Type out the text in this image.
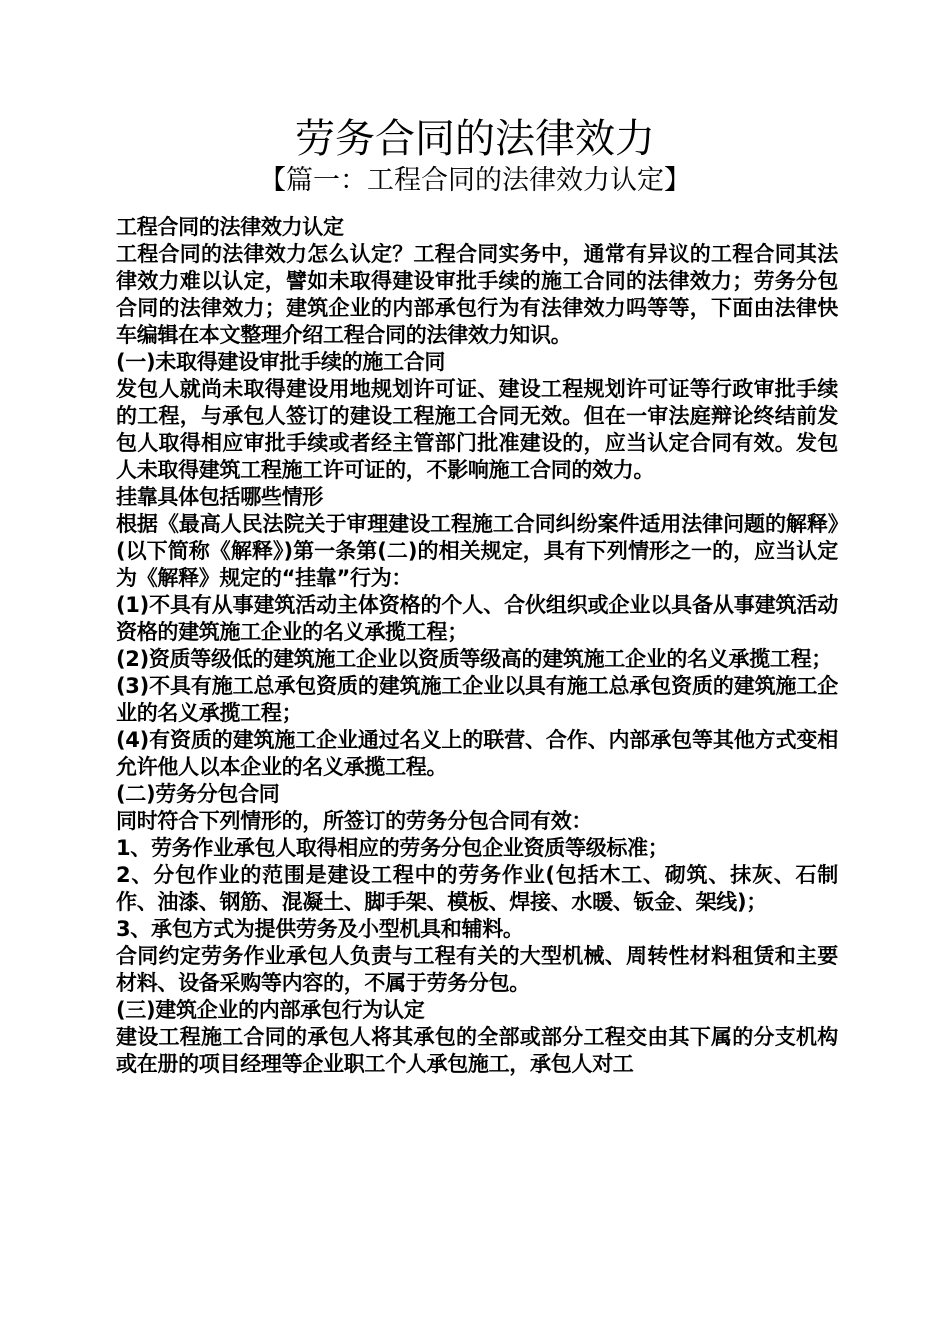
劳务合同的法律效力
【篇一：工程合同的法律效力认定】

工程合同的法律效力认定

工程合同的法律效力怎么认定？工程合同实务中，通常有异议的工程合同其法律效力难以认定，譬如未取得建设审批手续的施工合同的法律效力；劳务分包合同的法律效力；建筑企业的内部承包行为有法律效力吗等等，下面由法律快车编辑在本文整理介绍工程合同的法律效力知识。

(一)未取得建设审批手续的施工合同

发包人就尚未取得建设用地规划许可证、建设工程规划许可证等行政审批手续的工程，与承包人签订的建设工程施工合同无效。但在一审法庭辩论终结前发包人取得相应审批手续或者经主管部门批准建设的，应当认定合同有效。发包人未取得建筑工程施工许可证的，不影响施工合同的效力。

挂靠具体包括哪些情形

根据《最高人民法院关于审理建设工程施工合同纠纷案件适用法律问题的解释》(以下简称《解释》)第一条第(二)的相关规定，具有下列情形之一的，应当认定为《解释》规定的“挂靠”行为：

(1)不具有从事建筑活动主体资格的个人、合伙组织或企业以具备从事建筑活动资格的建筑施工企业的名义承揽工程；

(2)资质等级低的建筑施工企业以资质等级高的建筑施工企业的名义承揽工程；

(3)不具有施工总承包资质的建筑施工企业以具有施工总承包资质的建筑施工企业的名义承揽工程；

(4)有资质的建筑施工企业通过名义上的联营、合作、内部承包等其他方式变相允许他人以本企业的名义承揽工程。

(二)劳务分包合同

同时符合下列情形的，所签订的劳务分包合同有效：

1、劳务作业承包人取得相应的劳务分包企业资质等级标准；

2、分包作业的范围是建设工程中的劳务作业(包括木工、砌筑、抹灰、石制作、油漆、钢筋、混凝土、脚手架、模板、焊接、水暖、钣金、架线)；

3、承包方式为提供劳务及小型机具和辅料。

合同约定劳务作业承包人负责与工程有关的大型机械、周转性材料租赁和主要材料、设备采购等内容的，不属于劳务分包。

(三)建筑企业的内部承包行为认定

建设工程施工合同的承包人将其承包的全部或部分工程交由其下属的分支机构或在册的项目经理等企业职工个人承包施工，承包人对工
